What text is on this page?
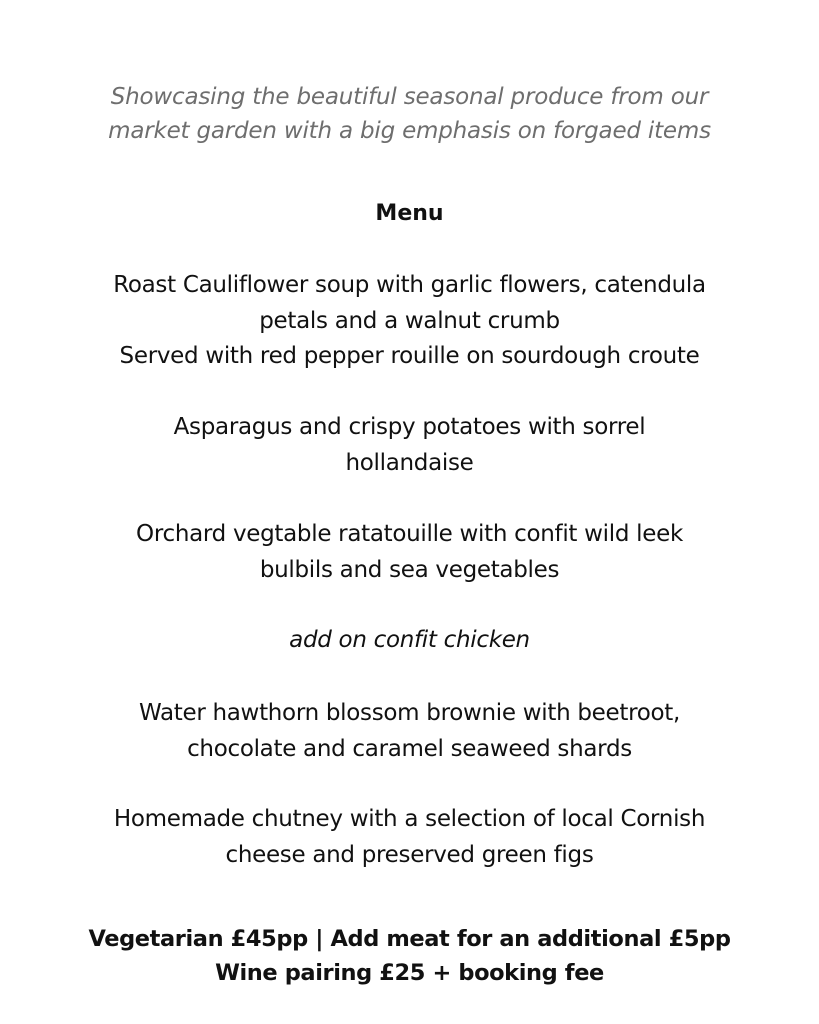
Showcasing the beautiful seasonal produce from our
market garden with a big emphasis on forgaed items
Menu
Roast Cauliflower soup with garlic flowers, catendula
petals and a walnut crumb
Served with red pepper rouille on sourdough croute
Asparagus and crispy potatoes with sorrel
hollandaise
Orchard vegtable ratatouille with confit wild leek
bulbils and sea vegetables
add on confit chicken
Water hawthorn blossom brownie with beetroot,
chocolate and caramel seaweed shards
Homemade chutney with a selection of local Cornish
cheese and preserved green figs
Vegetarian £45pp | Add meat for an additional £5pp
Wine pairing £25 + booking fee
